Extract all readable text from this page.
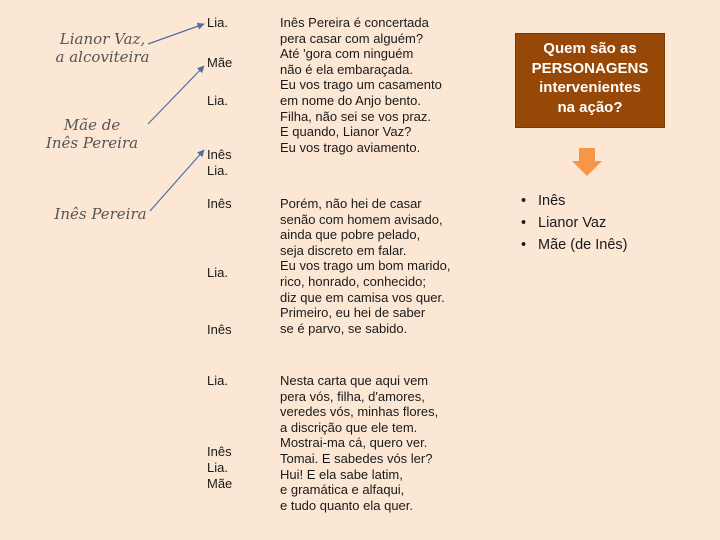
Lianor Vaz,
a alcoviteira
Mãe de
Inês Pereira
Inês Pereira
Lia.
Mãe
Lia.
Inês
Lia.
Inês
Lia.
Inês
Lia.
Inês
Lia.
Mãe
Inês Pereira é concertada
pera casar com alguém?
Até 'gora com ninguém
não é ela embaraçada.
Eu vos trago um casamento
em nome do Anjo bento.
Filha, não sei se vos praz.
E quando, Lianor Vaz?
Eu vos trago aviamento.
Porém, não hei de casar
senão com homem avisado,
ainda que pobre pelado,
seja discreto em falar.
Eu vos trago um bom marido,
rico, honrado, conhecido;
diz que em camisa vos quer.
Primeiro, eu hei de saber
se é parvo, se sabido.
Nesta carta que aqui vem
pera vós, filha, d'amores,
veredes vós, minhas flores,
a discrição que ele tem.
Mostrai-ma cá, quero ver.
Tomai. E sabedes vós ler?
Hui! E ela sabe latim,
e gramática e alfaqui,
e tudo quanto ela quer.
Quem são as
PERSONAGENS
intervenientes
na ação?
• Inês
• Lianor Vaz
• Mãe (de Inês)
